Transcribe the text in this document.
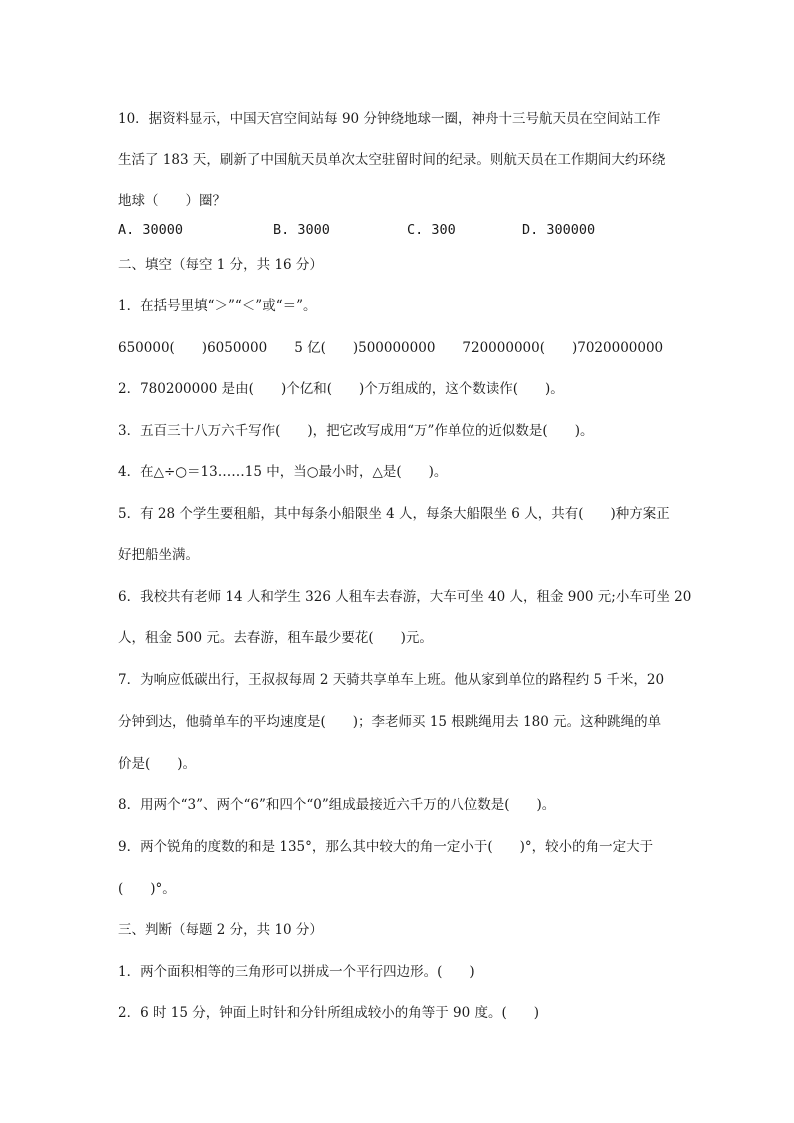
10．据资料显示，中国天宫空间站每 90 分钟绕地球一圈，神舟十三号航天员在空间站工作
生活了 183 天，刷新了中国航天员单次太空驻留时间的纪录。则航天员在工作期间大约环绕
地球（　　）圈？
A. 30000	B. 3000	C. 300	D. 300000
二、填空（每空 1 分，共 16 分）
1．在括号里填“＞”“＜”或“＝”。
650000(　　)6050000　　5 亿(　　)500000000　　720000000(　　)7020000000
2．780200000 是由(　　)个亿和(　　)个万组成的，这个数读作(　　)。
3．五百三十八万六千写作(　　)，把它改写成用“万”作单位的近似数是(　　)。
4．在△÷○＝13……15 中，当○最小时，△是(　　)。
5．有 28 个学生要租船，其中每条小船限坐 4 人，每条大船限坐 6 人，共有(　　)种方案正
好把船坐满。
6．我校共有老师 14 人和学生 326 人租车去春游，大车可坐 40 人，租金 900 元;小车可坐 20
人，租金 500 元。去春游，租车最少要花(　　)元。
7．为响应低碳出行，王叔叔每周 2 天骑共享单车上班。他从家到单位的路程约 5 千米，20
分钟到达，他骑单车的平均速度是(　　)；李老师买 15 根跳绳用去 180 元。这种跳绳的单
价是(　　)。
8．用两个“3”、两个“6”和四个“0”组成最接近六千万的八位数是(　　)。
9．两个锐角的度数的和是 135°，那么其中较大的角一定小于(　　)°，较小的角一定大于
(　　)°。
三、判断（每题 2 分，共 10 分）
1．两个面积相等的三角形可以拼成一个平行四边形。(　　)
2．6 时 15 分，钟面上时针和分针所组成较小的角等于 90 度。(　　)
